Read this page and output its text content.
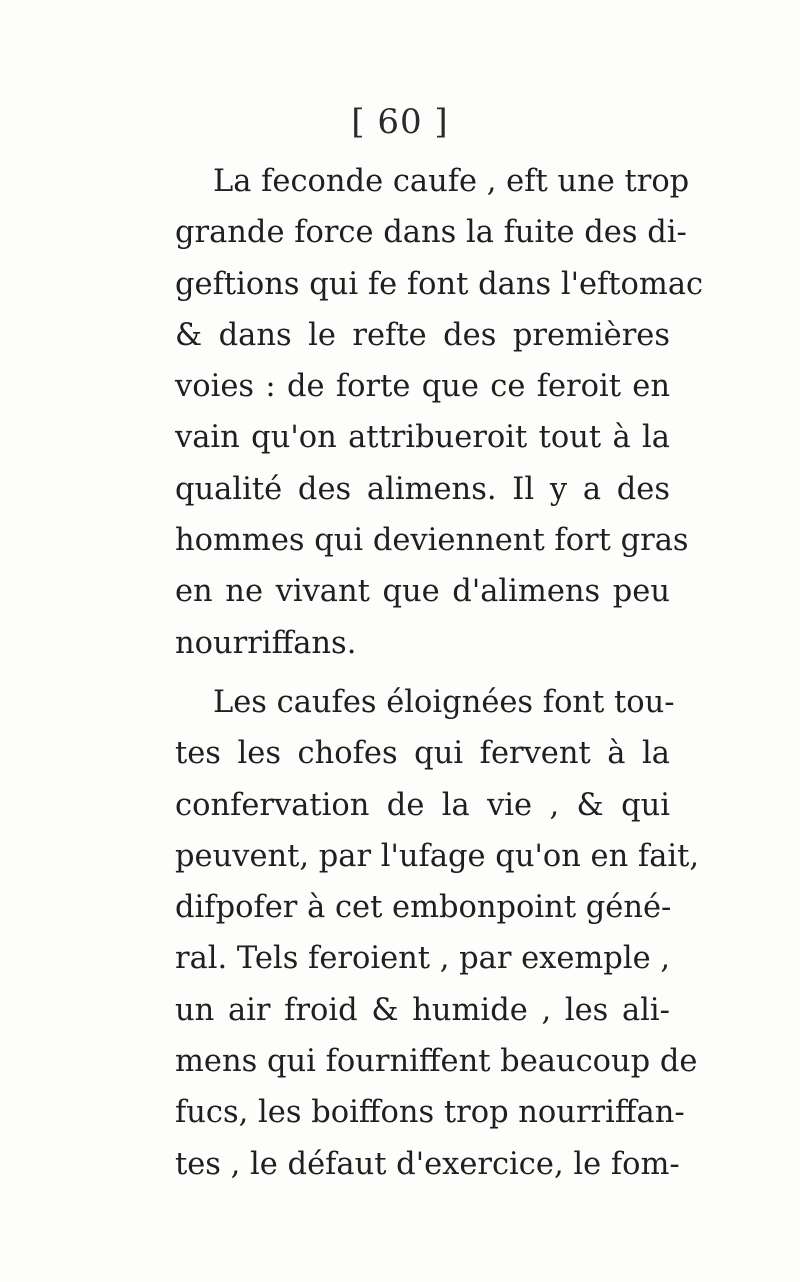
[ 60 ]
La feconde caufe , eft une trop
grande force dans la fuite des di-
geftions qui fe font dans l'eftomac
& dans le refte des premières
voies : de forte que ce feroit en
vain qu'on attribueroit tout à la
qualité des alimens. Il y a des
hommes qui deviennent fort gras
en ne vivant que d'alimens peu
nourriffans.
Les caufes éloignées font tou-
tes les chofes qui fervent à la
confervation de la vie , & qui
peuvent, par l'ufage qu'on en fait,
difpofer à cet embonpoint géné-
ral. Tels feroient , par exemple ,
un air froid & humide , les ali-
mens qui fourniffent beaucoup de
fucs, les boiffons trop nourriffan-
tes , le défaut d'exercice, le fom-
